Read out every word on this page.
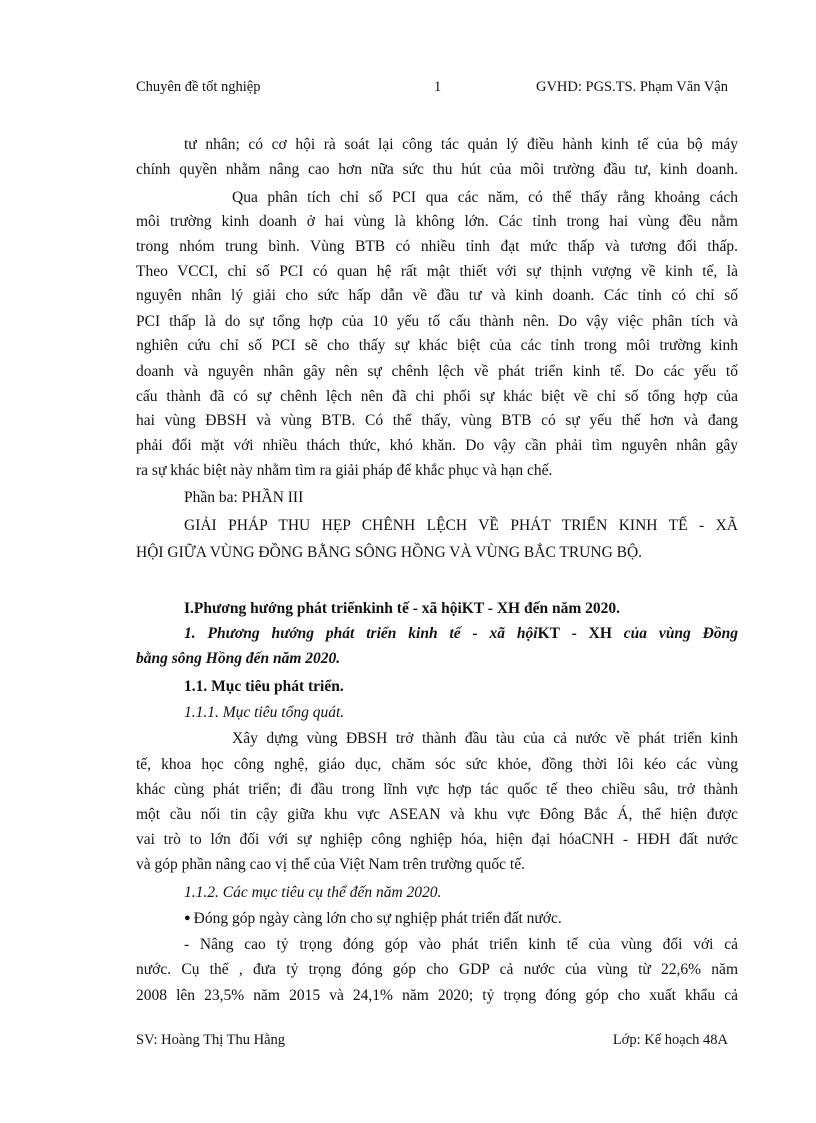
Chuyên đề tốt nghiệp	1	GVHD: PGS.TS. Phạm Văn Vận
tư nhân; có cơ hội rà soát lại công tác quản lý điều hành kinh tế của bộ máy
chính quyền nhằm nâng cao hơn nữa sức thu hút của môi trường đầu tư, kinh doanh.
Qua phân tích chỉ số PCI qua các năm, có thể thấy rằng khoảng cách
môi trường kinh doanh ở hai vùng là không lớn. Các tỉnh trong hai vùng đều nằm
trong nhóm trung bình. Vùng BTB có nhiều tỉnh đạt mức thấp và tương đối thấp.
Theo VCCI, chỉ số PCI có quan hệ rất mật thiết với sự thịnh vượng về kinh tế, là
nguyên nhân lý giải cho sức hấp dẫn về đầu tư và kinh doanh. Các tỉnh có chỉ số
PCI thấp là do sự tổng hợp của 10 yếu tố cấu thành nên. Do vậy việc phân tích và
nghiên cứu chỉ số PCI sẽ cho thấy sự khác biệt của các tỉnh trong môi trường kinh
doanh và nguyên nhân gây nên sự chênh lệch về phát triển kinh tế. Do các yếu tố
cấu thành đã có sự chênh lệch nên đã chi phối sự khác biệt về chỉ số tổng hợp của
hai vùng ĐBSH và vùng BTB. Có thể thấy, vùng BTB có sự yếu thế hơn và đang
phải đối mặt với nhiều thách thức, khó khăn. Do vậy cần phải tìm nguyên nhân gây
ra sự khác biệt này nhằm tìm ra giải pháp để khắc phục và hạn chế.
Phần ba: PHẦN III
GIẢI PHÁP THU HẸP CHÊNH LỆCH VỀ PHÁT TRIỂN KINH TẾ - XÃ
HỘI GIỮA VÙNG ĐỒNG BẰNG SÔNG HỒNG VÀ VÙNG BẮC TRUNG BỘ.
I.Phương hướng phát triểnkinh tế - xã hộiKT - XH đến năm 2020.
1. Phương hướng phát triển kinh tế - xã hộiKT - XH của vùng Đồng
bằng sông Hồng đến năm 2020.
1.1. Mục tiêu phát triển.
1.1.1. Mục tiêu tổng quát.
Xây dựng vùng ĐBSH trở thành đầu tàu của cả nước về phát triển kinh
tế, khoa học công nghệ, giáo dục, chăm sóc sức khỏe, đồng thời lôi kéo các vùng
khác cùng phát triển; đi đầu trong lĩnh vực hợp tác quốc tế theo chiều sâu, trở thành
một cầu nối tin cậy giữa khu vực ASEAN và khu vực Đông Bắc Á, thể hiện được
vai trò to lớn đối với sự nghiệp công nghiệp hóa, hiện đại hóaCNH - HĐH đất nước
và góp phần nâng cao vị thế của Việt Nam trên trường quốc tế.
1.1.2. Các mục tiêu cụ thể đến năm 2020.
● Đóng góp ngày càng lớn cho sự nghiệp phát triển đất nước.
- Nâng cao tỷ trọng đóng góp vào phát triển kinh tế của vùng đối với cả
nước. Cụ thể , đưa tỷ trọng đóng góp cho GDP cả nước của vùng từ 22,6% năm
2008 lên 23,5% năm 2015 và 24,1% năm 2020; tỷ trọng đóng góp cho xuất khẩu cả
SV: Hoàng Thị Thu Hằng	Lớp: Kế hoạch 48A
